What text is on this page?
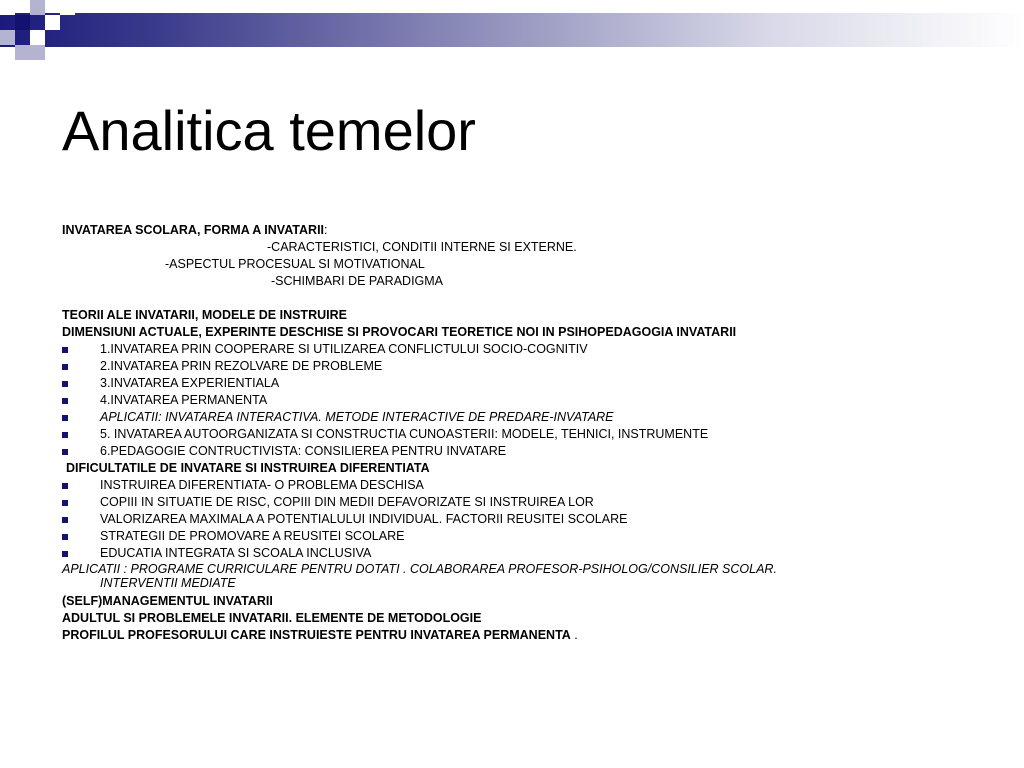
Analitica temelor
INVATAREA SCOLARA, FORMA A INVATARII:
-CARACTERISTICI, CONDITII INTERNE SI EXTERNE.
-ASPECTUL PROCESUAL SI MOTIVATIONAL
-SCHIMBARI DE PARADIGMA
TEORII ALE INVATARII, MODELE DE INSTRUIRE
DIMENSIUNI ACTUALE, EXPERINTE DESCHISE SI PROVOCARI TEORETICE NOI IN PSIHOPEDAGOGIA INVATARII
1.INVATAREA PRIN COOPERARE SI UTILIZAREA CONFLICTULUI SOCIO-COGNITIV
2.INVATAREA PRIN REZOLVARE DE PROBLEME
3.INVATAREA EXPERIENTIALA
4.INVATAREA PERMANENTA
APLICATII: INVATAREA INTERACTIVA. METODE INTERACTIVE DE PREDARE-INVATARE
5. INVATAREA AUTOORGANIZATA SI CONSTRUCTIA CUNOASTERII: MODELE, TEHNICI, INSTRUMENTE
6.PEDAGOGIE CONTRUCTIVISTA: CONSILIEREA PENTRU INVATARE
DIFICULTATILE DE INVATARE SI INSTRUIREA DIFERENTIATA
INSTRUIREA DIFERENTIATA- O PROBLEMA DESCHISA
COPIII IN SITUATIE DE RISC, COPIII DIN MEDII DEFAVORIZATE SI INSTRUIREA LOR
VALORIZAREA MAXIMALA A POTENTIALULUI INDIVIDUAL. FACTORII REUSITEI SCOLARE
STRATEGII DE PROMOVARE A REUSITEI SCOLARE
EDUCATIA INTEGRATA SI SCOALA INCLUSIVA
APLICATII : PROGRAME CURRICULARE PENTRU DOTATI . COLABORAREA PROFESOR-PSIHOLOG/CONSILIER SCOLAR.
INTERVENTII MEDIATE
(SELF)MANAGEMENTUL INVATARII
ADULTUL SI PROBLEMELE INVATARII. ELEMENTE DE METODOLOGIE
PROFILUL PROFESORULUI CARE INSTRUIESTE PENTRU INVATAREA PERMANENTA .
